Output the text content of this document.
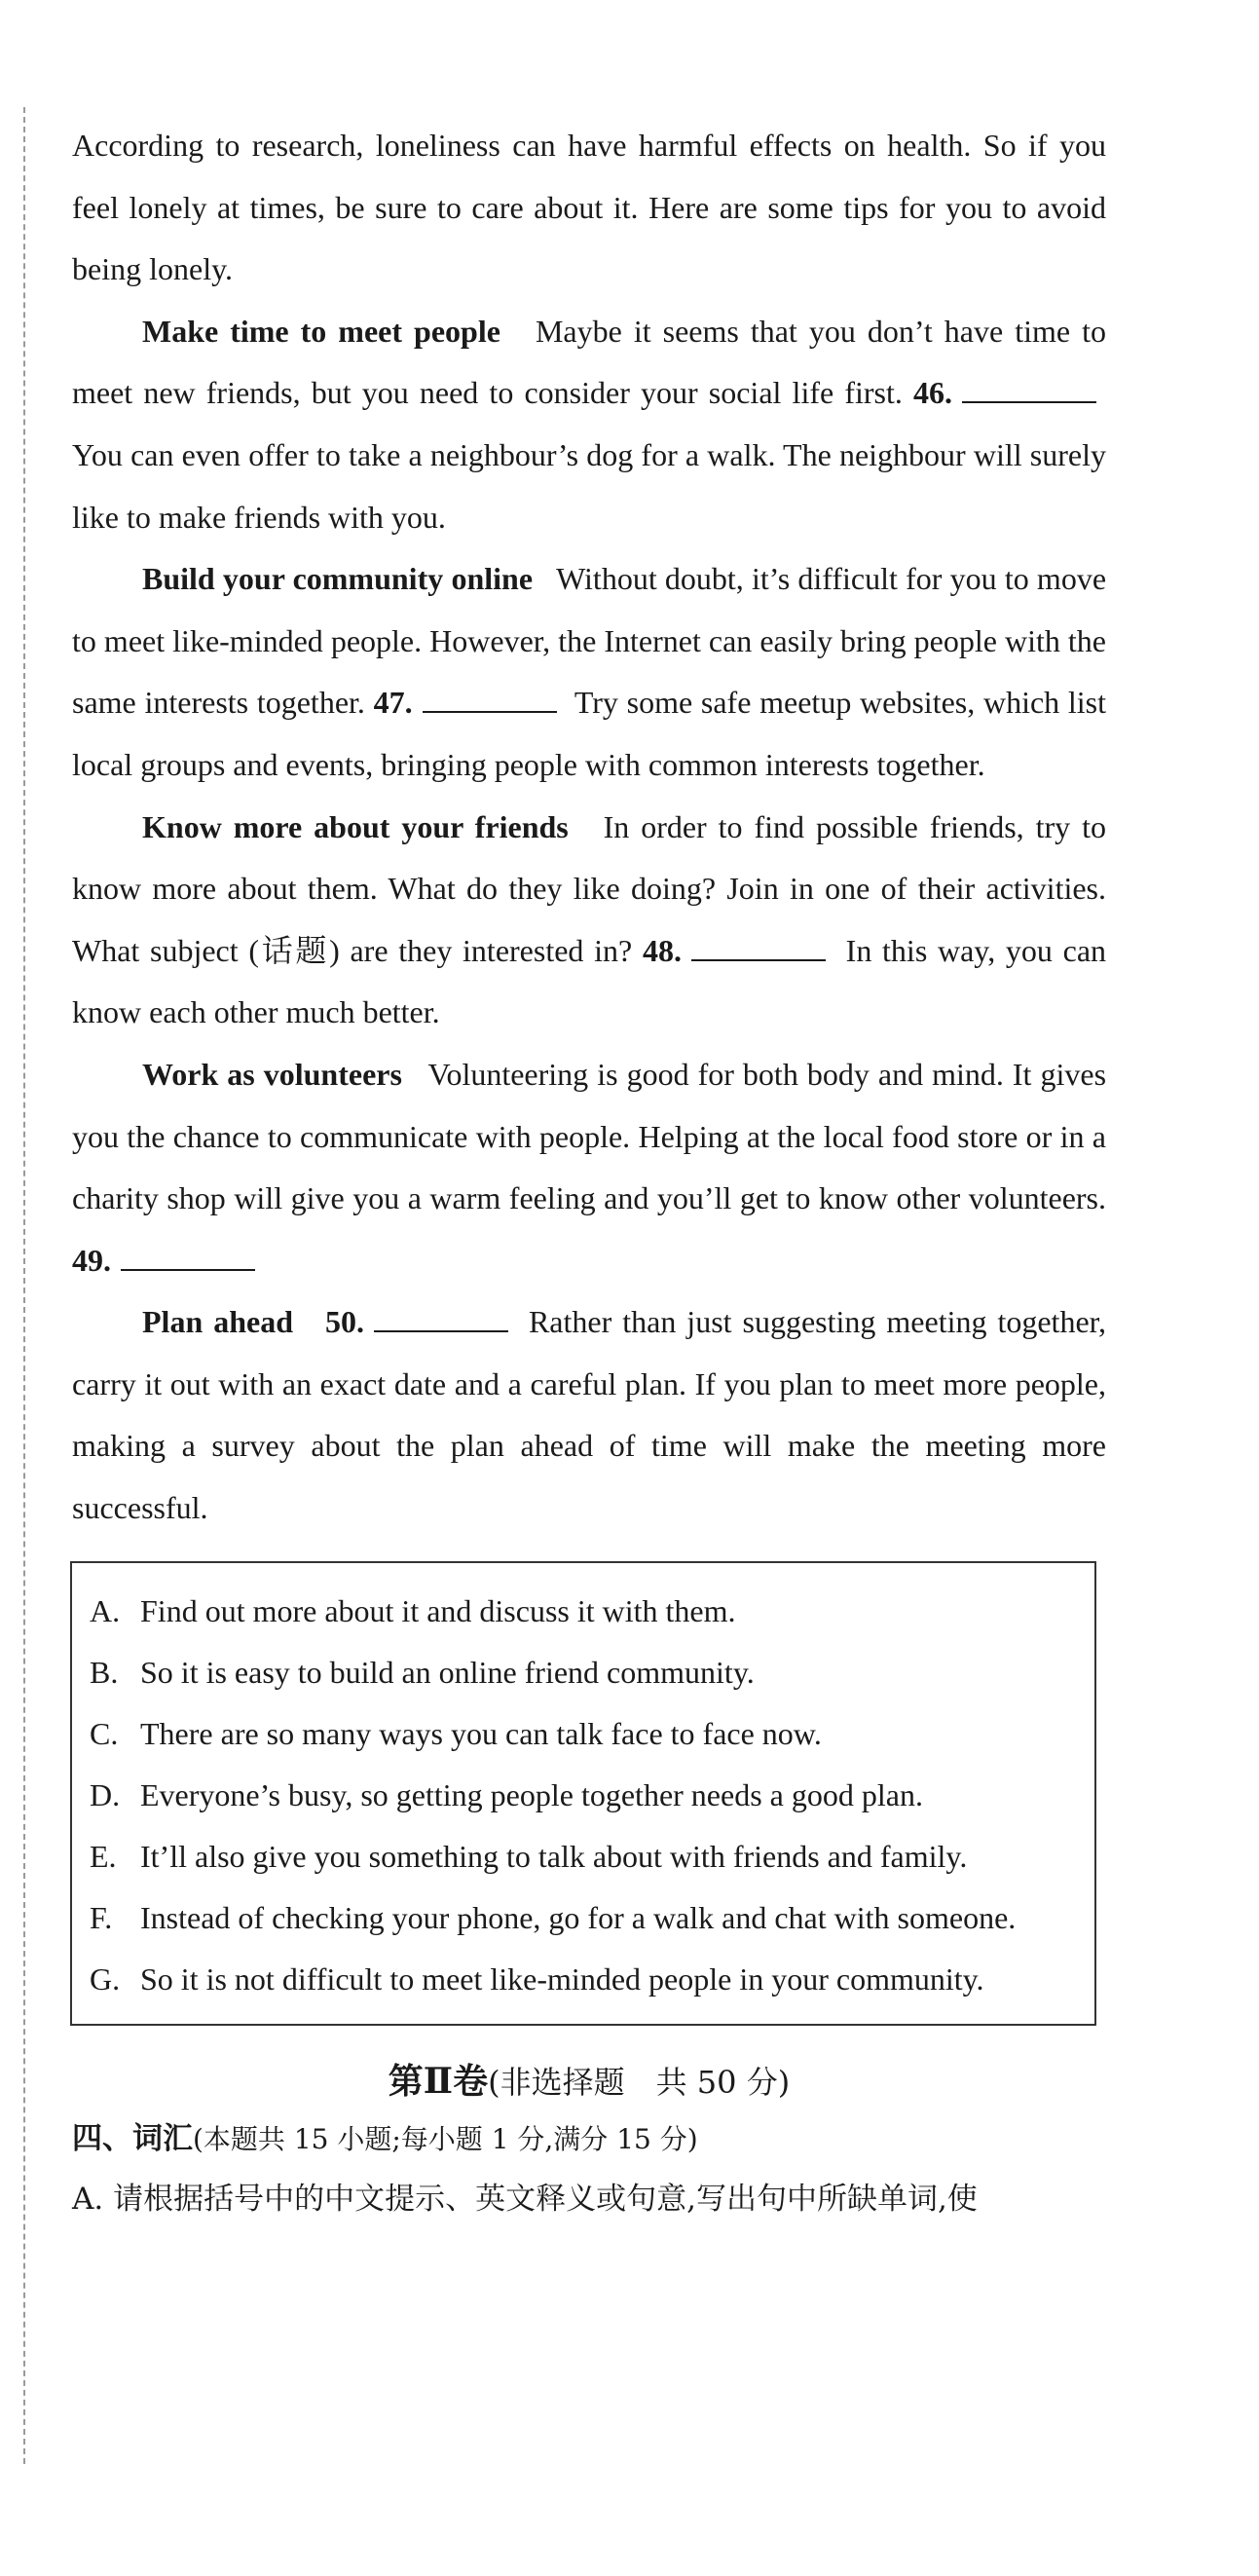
According to research, loneliness can have harmful effects on health. So if you feel lonely at times, be sure to care about it. Here are some tips for you to avoid being lonely.

Make time to meet people Maybe it seems that you don’t have time to meet new friends, but you need to consider your social life first. 46. You can even offer to take a neighbour’s dog for a walk. The neighbour will surely like to make friends with you.

Build your community online Without doubt, it’s difficult for you to move to meet like-minded people. However, the Internet can easily bring people with the same interests together. 47.	Try some safe meetup websites, which list local groups and events, bringing people with common interests together.

Know more about your friends In order to find possible friends, try to know more about them. What do they like doing? Join in one of their activities. What subject (话题) are they interested in? 48.	In this way, you can know each other much better.

Work as volunteers Volunteering is good for both body and mind. It gives you the chance to communicate with people. Helping at the local food store or in a charity shop will give you a warm feeling and you’ll get to know other volunteers. 49.

Plan ahead 50.	Rather than just suggesting meeting together, carry it out with an exact date and a careful plan. If you plan to meet more people, making a survey about the plan ahead of time will make the meeting more successful.

A. Find out more about it and discuss it with them.
B. So it is easy to build an online friend community.
C. There are so many ways you can talk face to face now.
D. Everyone’s busy, so getting people together needs a good plan.
E. It’ll also give you something to talk about with friends and family.
F. Instead of checking your phone, go for a walk and chat with someone.
G. So it is not difficult to meet like-minded people in your community.
第Ⅱ卷(非选择题　共 50 分)
四、词汇(本题共 15 小题;每小题 1 分,满分 15 分)
A. 请根据括号中的中文提示、英文释义或句意,写出句中所缺单词,使
